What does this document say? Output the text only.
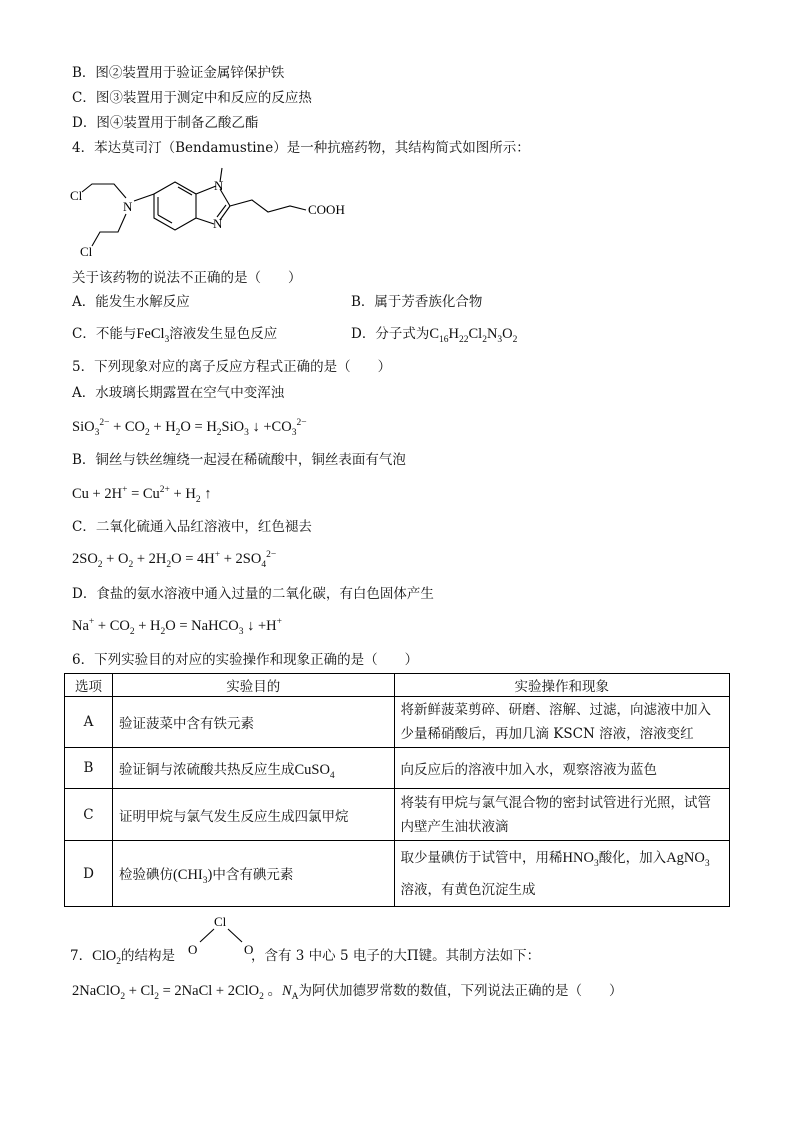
B．图②装置用于验证金属锌保护铁
C．图③装置用于测定中和反应的反应热
D．图④装置用于制备乙酸乙酯
4．苯达莫司汀（Bendamustine）是一种抗癌药物，其结构简式如图所示：
N
N
N
Cl
Cl
COOH
关于该药物的说法不正确的是（　　）
A．能发生水解反应	B．属于芳香族化合物
C．不能与FeCl$_3$溶液发生显色反应	D．分子式为$C_{16}H_{22}Cl_2N_3O_2$
5．下列现象对应的离子反应方程式正确的是（　　）
A．水玻璃长期露置在空气中变浑浊
$SiO_3^{2-} + CO_2 + H_2O = H_2SiO_3$ ↓ $+CO_3^{2-}$
B．铜丝与铁丝缠绕一起浸在稀硫酸中，铜丝表面有气泡
$Cu + 2H^+ = Cu^{2+} + H_2$ ↑
C．二氧化硫通入品红溶液中，红色褪去
$2SO_2 + O_2 + 2H_2O = 4H^+ + 2SO_4^{2-}$
D．食盐的氨水溶液中通入过量的二氧化碳，有白色固体产生
$Na^+ + CO_2 + H_2O$ = NaHCO$_3$ ↓ +H+
6．下列实验目的对应的实验操作和现象正确的是（　　）
选项	实验目的	实验操作和现象
A	验证菠菜中含有铁元素	将新鲜菠菜剪碎、研磨、溶解、过滤，向滤液中加入少量稀硝酸后，再加几滴 KSCN 溶液，溶液变红
B	验证铜与浓硫酸共热反应生成CuSO$_4$	向反应后的溶液中加入水，观察溶液为蓝色
C	证明甲烷与氯气发生反应生成四氯甲烷	将装有甲烷与氯气混合物的密封试管进行光照，试管内壁产生油状液滴
D	检验碘仿$(CHI_3)$中含有碘元素	取少量碘仿于试管中，用稀$HNO_3$酸化，加入AgNO$_3$
溶液，有黄色沉淀生成
7．ClO$_2$的结构是	，含有 3 中心 5 电子的大Π键。其制方法如下：
Cl
O	O
2NaClO$_2$ + $Cl_2$ = 2NaCl + 2ClO$_2$ 。$N_A$为阿伏加德罗常数的数值，下列说法正确的是（　　）
